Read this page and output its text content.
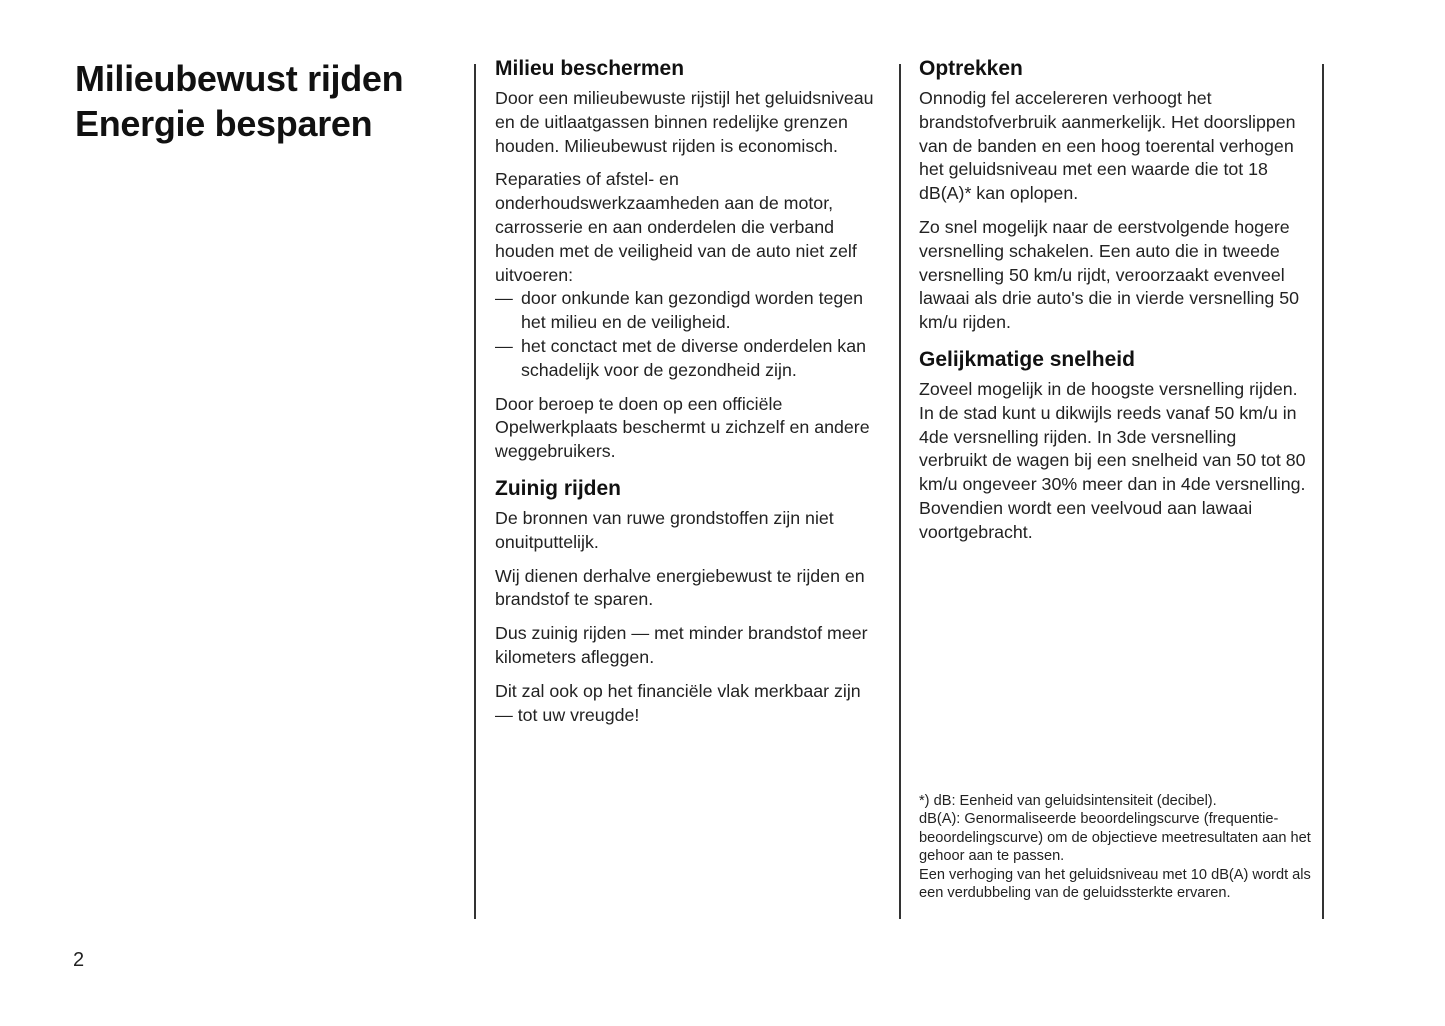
Milieubewust rijden
Energie besparen
Milieu beschermen

Door een milieubewuste rijstijl het geluidsniveau en de uitlaatgassen binnen redelijke grenzen houden. Milieubewust rijden is economisch.

Reparaties of afstel- en onderhoudswerkzaamheden aan de motor, carrosserie en aan onderdelen die verband houden met de veiligheid van de auto niet zelf uitvoeren:

— door onkunde kan gezondigd worden tegen het milieu en de veiligheid.
— het conctact met de diverse onderdelen kan schadelijk voor de gezondheid zijn.

Door beroep te doen op een officiële Opelwerkplaats beschermt u zichzelf en andere weggebruikers.

Zuinig rijden

De bronnen van ruwe grondstoffen zijn niet onuitputtelijk.

Wij dienen derhalve energiebewust te rijden en brandstof te sparen.

Dus zuinig rijden — met minder brandstof meer kilometers afleggen.

Dit zal ook op het financiële vlak merkbaar zijn — tot uw vreugde!

Optrekken

Onnodig fel accelereren verhoogt het brandstofverbruik aanmerkelijk. Het doorslippen van de banden en een hoog toerental verhogen het geluidsniveau met een waarde die tot 18 dB(A)* kan oplopen.

Zo snel mogelijk naar de eerstvolgende hogere versnelling schakelen. Een auto die in tweede versnelling 50 km/u rijdt, veroorzaakt evenveel lawaai als drie auto's die in vierde versnelling 50 km/u rijden.

Gelijkmatige snelheid

Zoveel mogelijk in de hoogste versnelling rijden. In de stad kunt u dikwijls reeds vanaf 50 km/u in 4de versnelling rijden. In 3de versnelling verbruikt de wagen bij een snelheid van 50 tot 80 km/u ongeveer 30% meer dan in 4de versnelling. Bovendien wordt een veelvoud aan lawaai voortgebracht.

*) dB: Eenheid van geluidsintensiteit (decibel).

dB(A): Genormaliseerde beoordelingscurve (frequentie-beoordelingscurve) om de objectieve meetresultaten aan het gehoor aan te passen.

Een verhoging van het geluidsniveau met 10 dB(A) wordt als een verdubbeling van de geluidssterkte ervaren.

2
